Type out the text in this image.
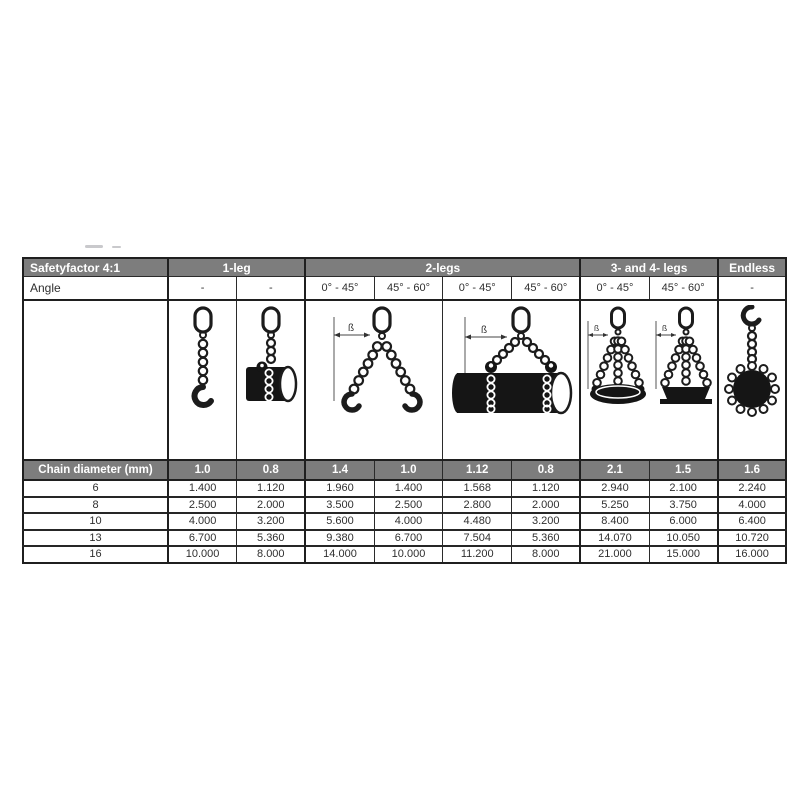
Safetyfactor 4:1	1-leg		2-legs				3- and 4- legs		Endless
Angle	-	-	0° - 45°	45° - 60°	0° - 45°	45° - 60°	0° - 45°	45° - 60°	-

ß		ß		ß ß

Chain diameter (mm)	1.0	0.8	1.4	1.0	1.12	0.8	2.1	1.5	1.6
6	1.400	1.120	1.960	1.400	1.568	1.120	2.940	2.100	2.240
8	2.500	2.000	3.500	2.500	2.800	2.000	5.250	3.750	4.000
10	4.000	3.200	5.600	4.000	4.480	3.200	8.400	6.000	6.400
13	6.700	5.360	9.380	6.700	7.504	5.360	14.070	10.050	10.720
16	10.000	8.000	14.000	10.000	11.200	8.000	21.000	15.000	16.000
